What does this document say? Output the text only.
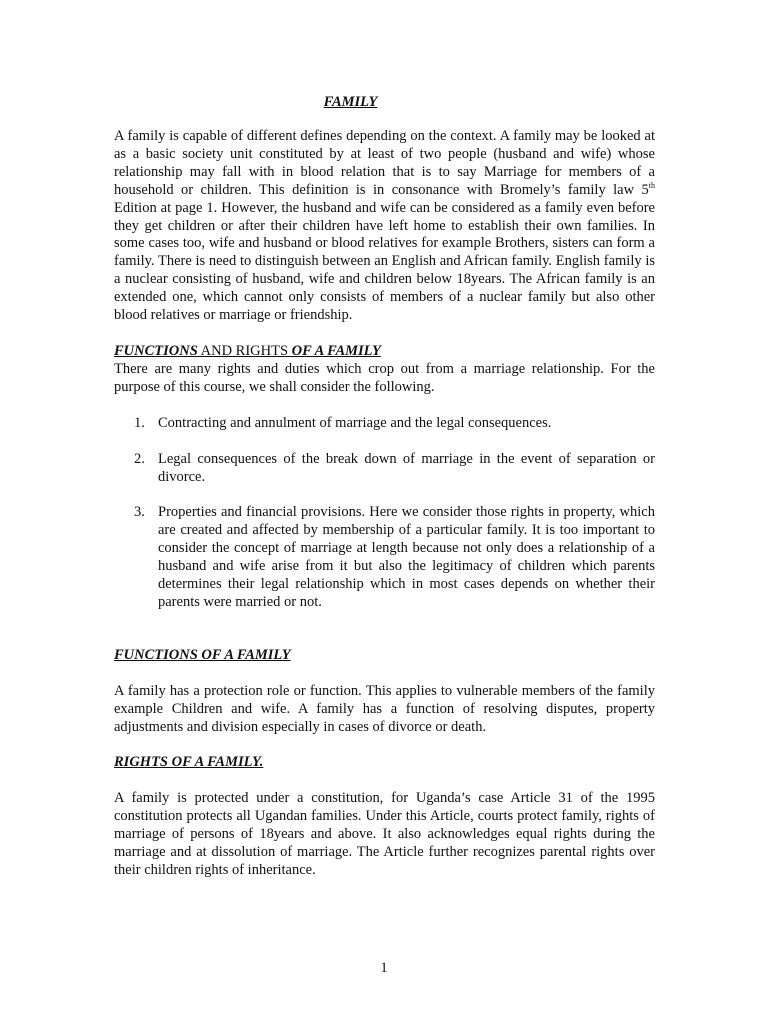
FAMILY

A family is capable of different defines depending on the context. A family may be looked at as a basic society unit constituted by at least of two people (husband and wife) whose relationship may fall with in blood relation that is to say Marriage for members of a household or children. This definition is in consonance with Bromely’s family law 5th Edition at page 1. However, the husband and wife can be considered as a family even before they get children or after their children have left home to establish their own families. In some cases too, wife and husband or blood relatives for example Brothers, sisters can form a family. There is need to distinguish between an English and African family. English family is a nuclear consisting of husband, wife and children below 18years. The African family is an extended one, which cannot only consists of members of a nuclear family but also other blood relatives or marriage or friendship.

FUNCTIONS AND RIGHTS OF A FAMILY

There are many rights and duties which crop out from a marriage relationship. For the purpose of this course, we shall consider the following.

1. Contracting and annulment of marriage and the legal consequences.

2. Legal consequences of the break down of marriage in the event of separation or divorce.

3. Properties and financial provisions. Here we consider those rights in property, which are created and affected by membership of a particular family. It is too important to consider the concept of marriage at length because not only does a relationship of a husband and wife arise from it but also the legitimacy of children which parents determines their legal relationship which in most cases depends on whether their parents were married or not.

FUNCTIONS OF A FAMILY

A family has a protection role or function. This applies to vulnerable members of the family example Children and wife. A family has a function of resolving disputes, property adjustments and division especially in cases of divorce or death.

RIGHTS OF A FAMILY.

A family is protected under a constitution, for Uganda’s case Article 31 of the 1995 constitution protects all Ugandan families. Under this Article, courts protect family, rights of marriage of persons of 18years and above. It also acknowledges equal rights during the marriage and at dissolution of marriage. The Article further recognizes parental rights over their children rights of inheritance.

1
